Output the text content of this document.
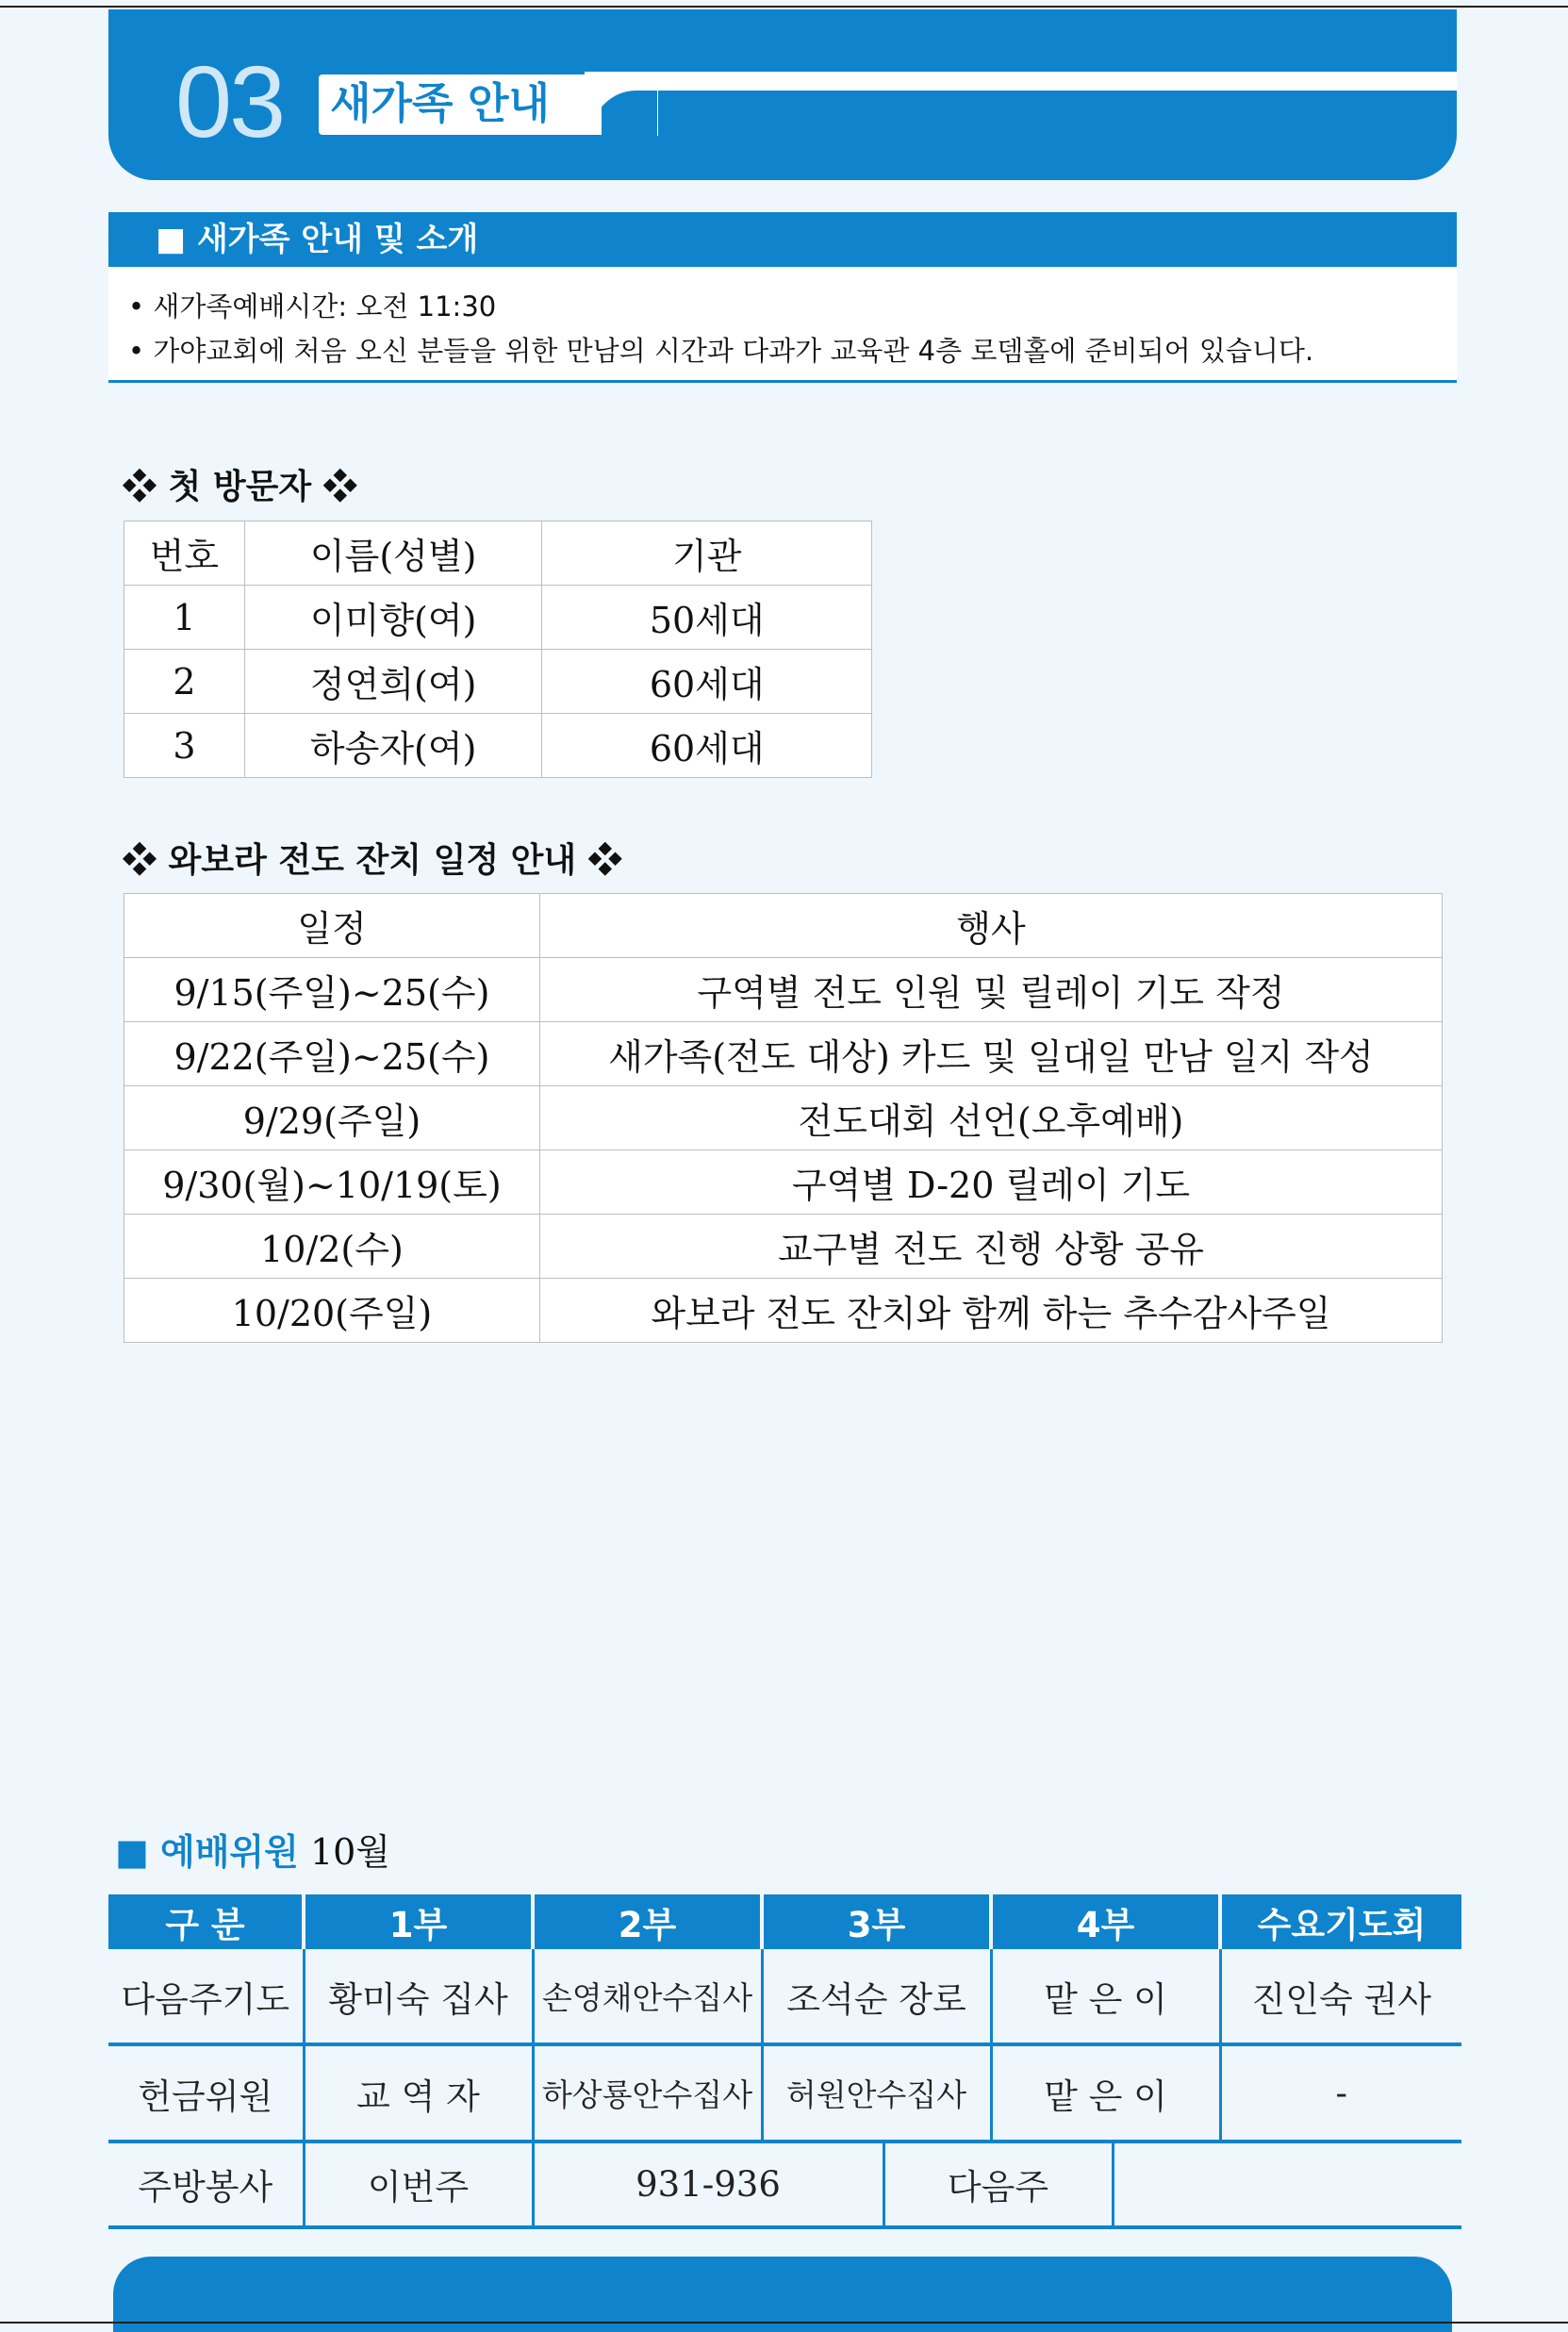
03 새가족 안내
■ 새가족 안내 및 소개
• 새가족예배시간: 오전 11:30
• 가야교회에 처음 오신 분들을 위한 만남의 시간과 다과가 교육관 4층 로뎀홀에 준비되어 있습니다.
❖ 첫 방문자 ❖
번호	이름(성별)	기관
1	이미향(여)	50세대
2	정연희(여)	60세대
3	하송자(여)	60세대
❖ 와보라 전도 잔치 일정 안내 ❖
일정	행사
9/15(주일)~25(수)	구역별 전도 인원 및 릴레이 기도 작정
9/22(주일)~25(수)	새가족(전도 대상) 카드 및 일대일 만남 일지 작성
9/29(주일)	전도대회 선언(오후예배)
9/30(월)~10/19(토)	구역별 D-20 릴레이 기도
10/2(수)	교구별 전도 진행 상황 공유
10/20(주일)	와보라 전도 잔치와 함께 하는 추수감사주일
■ 예배위원 10월
구 분	1부	2부	3부	4부	수요기도회
다음주기도	황미숙 집사	손영채안수집사	조석순 장로	맡 은 이	진인숙 권사
헌금위원	교 역 자	하상룡안수집사	허원안수집사	맡 은 이	-
주방봉사	이번주	931-936	다음주	
